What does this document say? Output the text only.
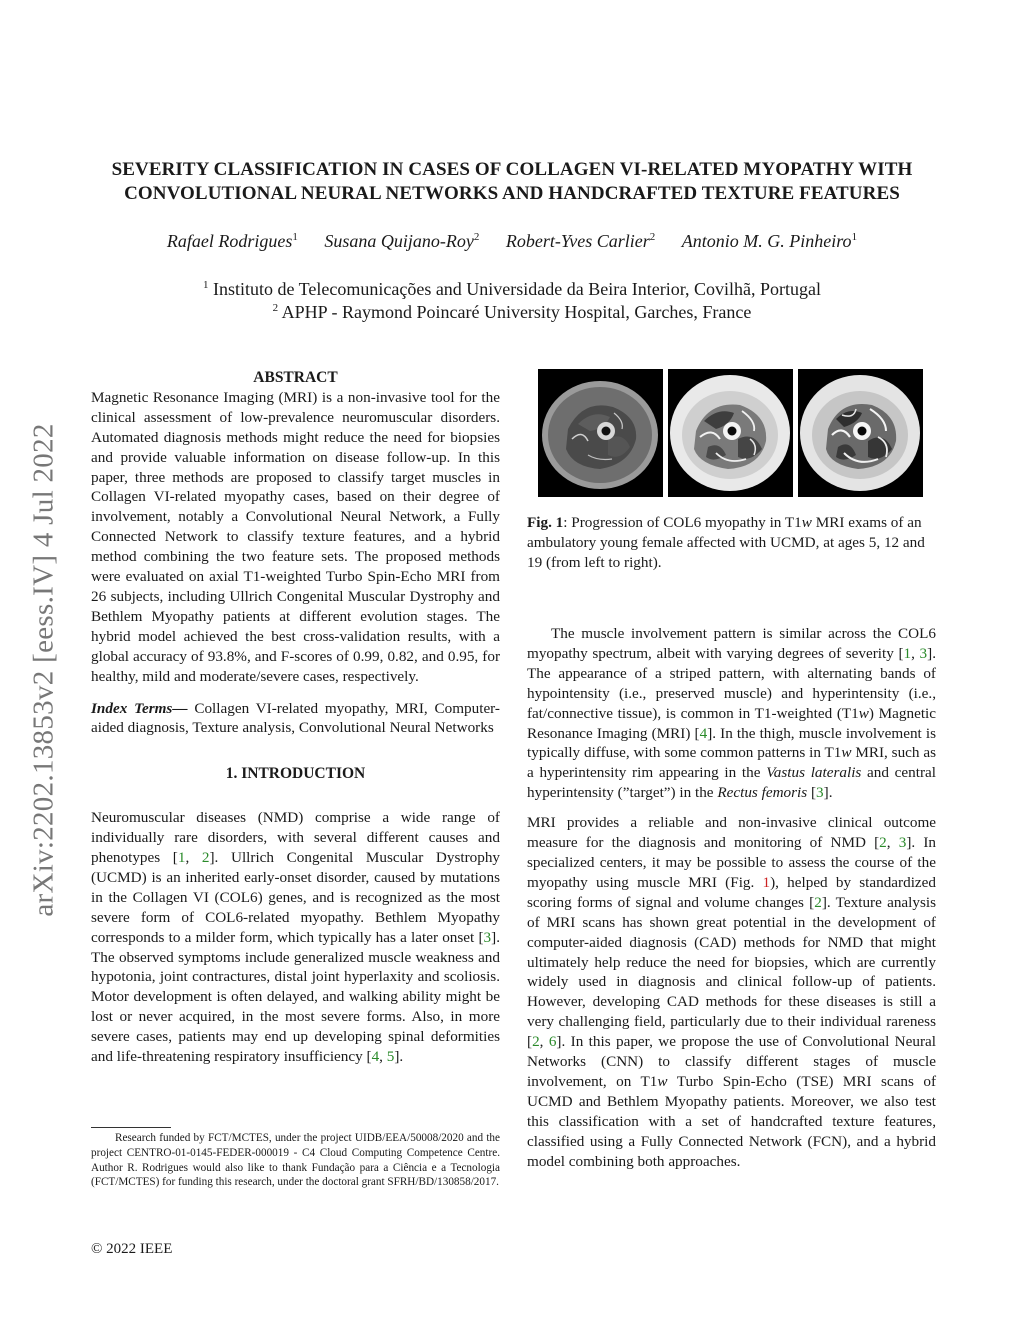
arXiv:2202.13853v2 [eess.IV] 4 Jul 2022
SEVERITY CLASSIFICATION IN CASES OF COLLAGEN VI-RELATED MYOPATHY WITH
CONVOLUTIONAL NEURAL NETWORKS AND HANDCRAFTED TEXTURE FEATURES
Rafael Rodrigues$^1$ Susana Quijano-Roy$^2$ Robert-Yves Carlier$^2$ Antonio M. G. Pinheiro$^1$
$^1$ Instituto de Telecomunicações and Universidade da Beira Interior, Covilhã, Portugal
$^2$ APHP - Raymond Poincaré University Hospital, Garches, France

ABSTRACT

Magnetic Resonance Imaging (MRI) is a non-invasive tool for the clinical assessment of low-prevalence neuromuscular disorders. Automated diagnosis methods might reduce the need for biopsies and provide valuable information on disease follow-up. In this paper, three methods are proposed to classify target muscles in Collagen VI-related myopathy cases, based on their degree of involvement, notably a Convolutional Neural Network, a Fully Connected Network to classify texture features, and a hybrid method combining the two feature sets. The proposed methods were evaluated on axial T1-weighted Turbo Spin-Echo MRI from 26 subjects, including Ullrich Congenital Muscular Dystrophy and Bethlem Myopathy patients at different evolution stages. The hybrid model achieved the best cross-validation results, with a global accuracy of 93.8%, and F-scores of 0.99, 0.82, and 0.95, for healthy, mild and moderate/severe cases, respectively.

Index Terms— Collagen VI-related myopathy, MRI, Computer-aided diagnosis, Texture analysis, Convolutional Neural Networks

1. INTRODUCTION

Neuromuscular diseases (NMD) comprise a wide range of individually rare disorders, with several different causes and phenotypes [1, 2]. Ullrich Congenital Muscular Dystrophy (UCMD) is an inherited early-onset disorder, caused by mutations in the Collagen VI (COL6) genes, and is recognized as the most severe form of COL6-related myopathy. Bethlem Myopathy corresponds to a milder form, which typically has a later onset [3]. The observed symptoms include generalized muscle weakness and hypotonia, joint contractures, distal joint hyperlaxity and scoliosis. Motor development is often delayed, and walking ability might be lost or never acquired, in the most severe forms. Also, in more severe cases, patients may end up developing spinal deformities and life-threatening respiratory insufficiency [4, 5].

Research funded by FCT/MCTES, under the project UIDB/EEA/50008/2020 and the project CENTRO-01-0145-FEDER-000019 - C4 Cloud Computing Competence Centre. Author R. Rodrigues would also like to thank Fundação para a Ciência e a Tecnologia (FCT/MCTES) for funding this research, under the doctoral grant SFRH/BD/130858/2017.

© 2022 IEEE
Fig. 1: Progression of COL6 myopathy in T1w MRI exams of an ambulatory young female affected with UCMD, at ages 5, 12 and 19 (from left to right).

The muscle involvement pattern is similar across the COL6 myopathy spectrum, albeit with varying degrees of severity [1, 3]. The appearance of a striped pattern, with alternating bands of hypointensity (i.e., preserved muscle) and hyperintensity (i.e., fat/connective tissue), is common in T1-weighted (T1w) Magnetic Resonance Imaging (MRI) [4]. In the thigh, muscle involvement is typically diffuse, with some common patterns in T1w MRI, such as a hyperintensity rim appearing in the Vastus lateralis and central hyperintensity (”target”) in the Rectus femoris [3].

MRI provides a reliable and non-invasive clinical outcome measure for the diagnosis and monitoring of NMD [2, 3]. In specialized centers, it may be possible to assess the course of the myopathy using muscle MRI (Fig. 1), helped by standardized scoring forms of signal and volume changes [2]. Texture analysis of MRI scans has shown great potential in the development of computer-aided diagnosis (CAD) methods for NMD that might ultimately help reduce the need for biopsies, which are currently widely used in diagnosis and clinical follow-up of patients. However, developing CAD methods for these diseases is still a very challenging field, particularly due to their individual rareness [2, 6]. In this paper, we propose the use of Convolutional Neural Networks (CNN) to classify different stages of muscle involvement, on T1w Turbo Spin-Echo (TSE) MRI scans of UCMD and Bethlem Myopathy patients. Moreover, we also test this classification with a set of handcrafted texture features, classified using a Fully Connected Network (FCN), and a hybrid model combining both approaches.
